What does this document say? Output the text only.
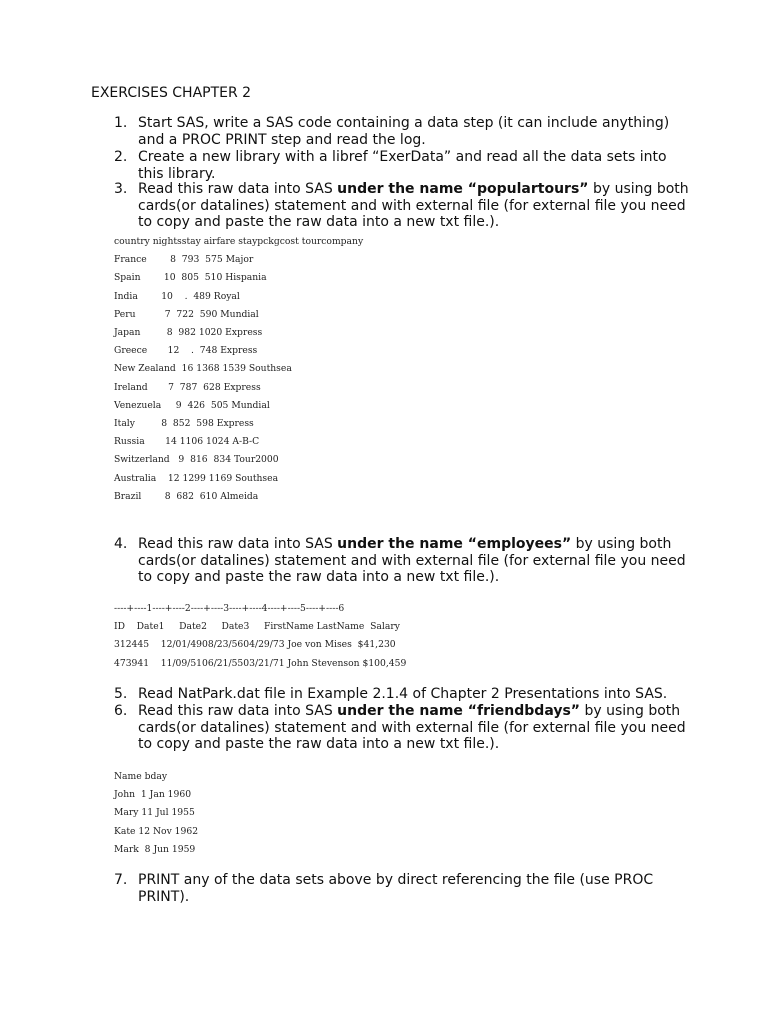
EXERCISES CHAPTER 2
1. Start SAS, write a SAS code containing a data step (it can include anything) and a PROC PRINT step and read the log.
2. Create a new library with a libref “ExerData” and read all the data sets into this library.
3. Read this raw data into SAS under the name “populartours” by using both cards(or datalines) statement and with external file (for external file you need to copy and paste the raw data into a new txt file.).
country nightsstay airfare staypckgcost tourcompany
France        8  793  575 Major
Spain        10  805  510 Hispania
India        10    .  489 Royal
Peru          7  722  590 Mundial
Japan         8  982 1020 Express
Greece       12    .  748 Express
New Zealand  16 1368 1539 Southsea
Ireland       7  787  628 Express
Venezuela     9  426  505 Mundial
Italy         8  852  598 Express
Russia       14 1106 1024 A-B-C
Switzerland   9  816  834 Tour2000
Australia    12 1299 1169 Southsea
Brazil        8  682  610 Almeida
4. Read this raw data into SAS under the name “employees” by using both cards(or datalines) statement and with external file (for external file you need to copy and paste the raw data into a new txt file.).
----+----1----+----2----+----3----+----4----+----5----+----6
ID    Date1     Date2     Date3     FirstName LastName  Salary
312445    12/01/4908/23/5604/29/73 Joe von Mises  $41,230
473941    11/09/5106/21/5503/21/71 John Stevenson $100,459
5. Read NatPark.dat file in Example 2.1.4 of Chapter 2 Presentations into SAS.
6. Read this raw data into SAS under the name “friendbdays” by using both cards(or datalines) statement and with external file (for external file you need to copy and paste the raw data into a new txt file.).
Name bday
John  1 Jan 1960
Mary 11 Jul 1955
Kate 12 Nov 1962
Mark  8 Jun 1959
7. PRINT any of the data sets above by direct referencing the file (use PROC PRINT).
